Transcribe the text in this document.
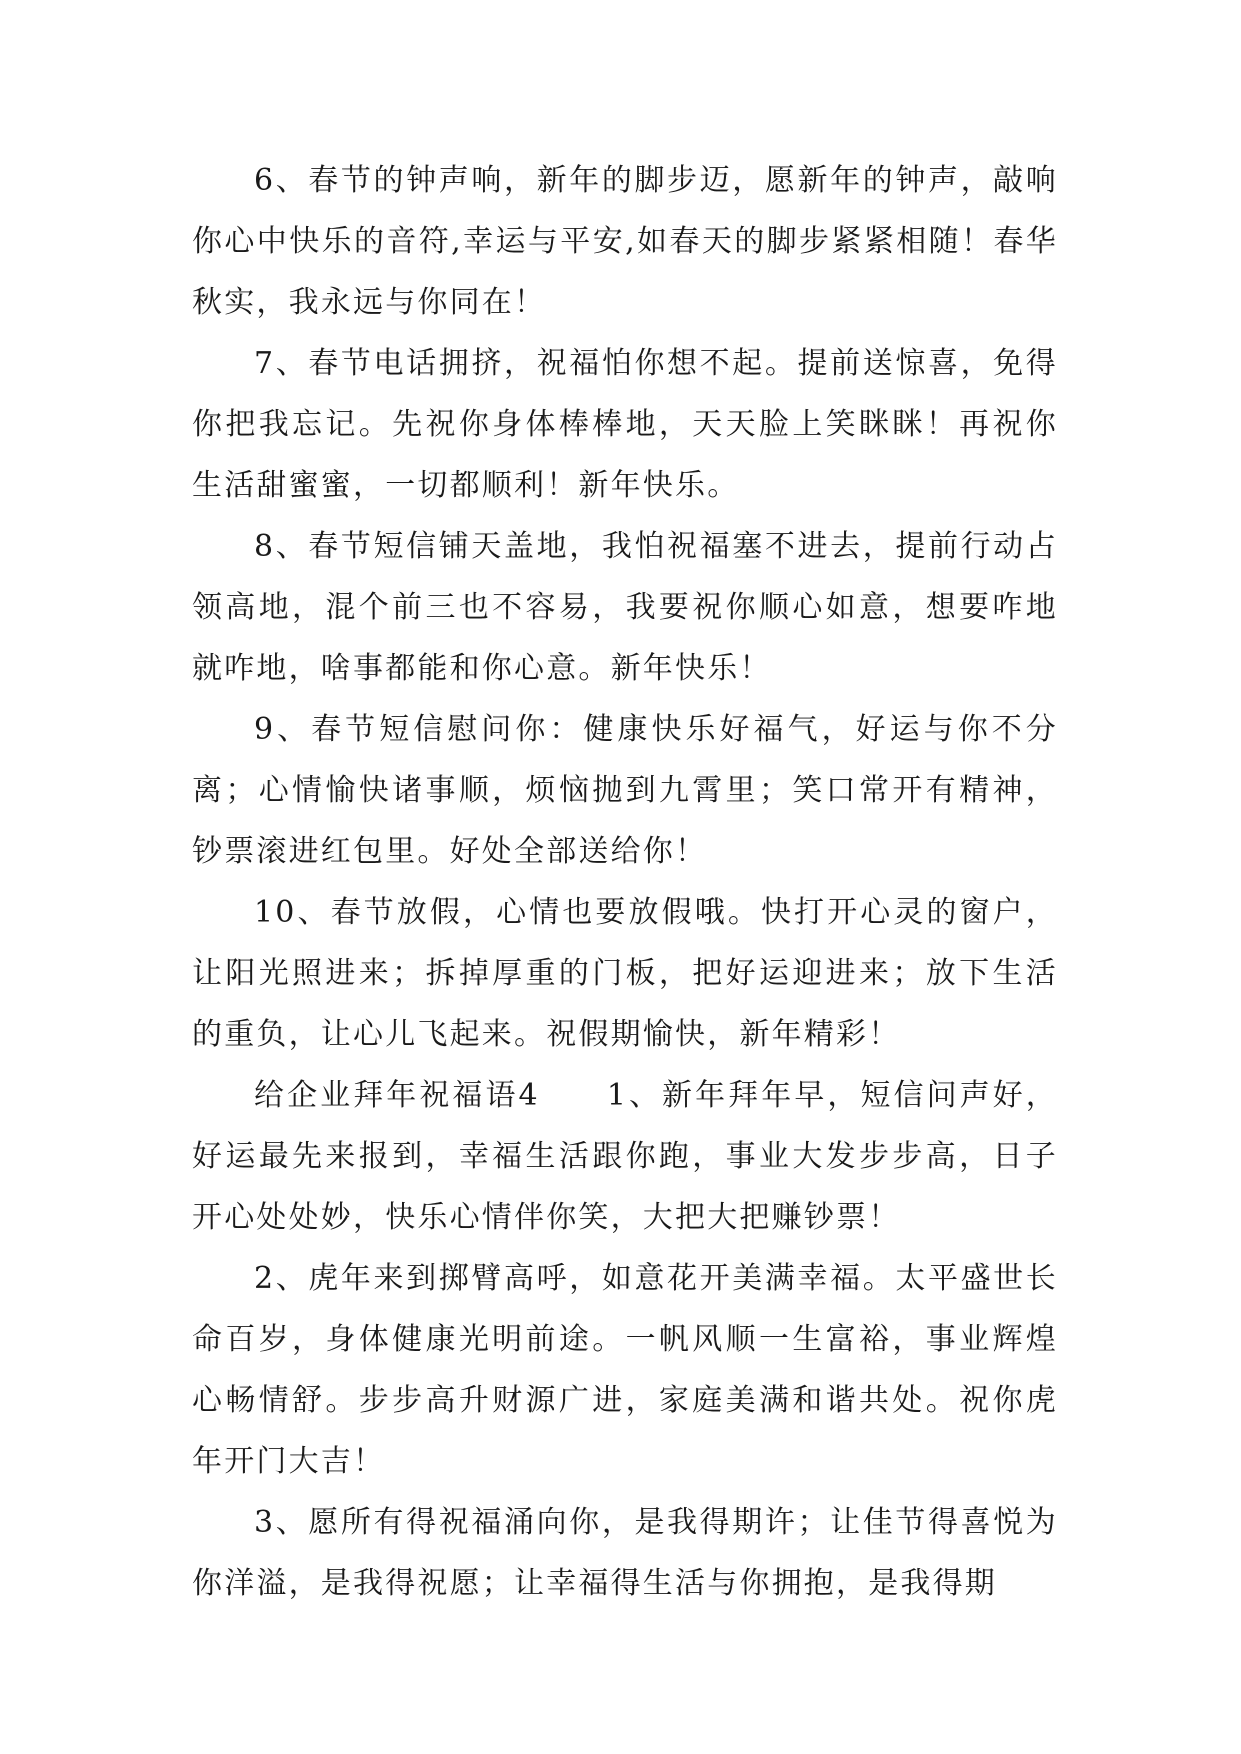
6、春节的钟声响，新年的脚步迈，愿新年的钟声，敲响你心中快乐的音符,幸运与平安,如春天的脚步紧紧相随！春华秋实，我永远与你同在！

7、春节电话拥挤，祝福怕你想不起。提前送惊喜，免得你把我忘记。先祝你身体棒棒地，天天脸上笑眯眯！再祝你生活甜蜜蜜，一切都顺利！新年快乐。

8、春节短信铺天盖地，我怕祝福塞不进去，提前行动占领高地，混个前三也不容易，我要祝你顺心如意，想要咋地就咋地，啥事都能和你心意。新年快乐！

9、春节短信慰问你：健康快乐好福气，好运与你不分离；心情愉快诸事顺，烦恼抛到九霄里；笑口常开有精神，钞票滚进红包里。好处全部送给你！

10、春节放假，心情也要放假哦。快打开心灵的窗户，让阳光照进来；拆掉厚重的门板，把好运迎进来；放下生活的重负，让心儿飞起来。祝假期愉快，新年精彩！

给企业拜年祝福语4　　1、新年拜年早，短信问声好，好运最先来报到，幸福生活跟你跑，事业大发步步高，日子开心处处妙，快乐心情伴你笑，大把大把赚钞票！

2、虎年来到掷臂高呼，如意花开美满幸福。太平盛世长命百岁，身体健康光明前途。一帆风顺一生富裕，事业辉煌心畅情舒。步步高升财源广进，家庭美满和谐共处。祝你虎年开门大吉！

3、愿所有得祝福涌向你，是我得期许；让佳节得喜悦为你洋溢，是我得祝愿；让幸福得生活与你拥抱，是我得期
